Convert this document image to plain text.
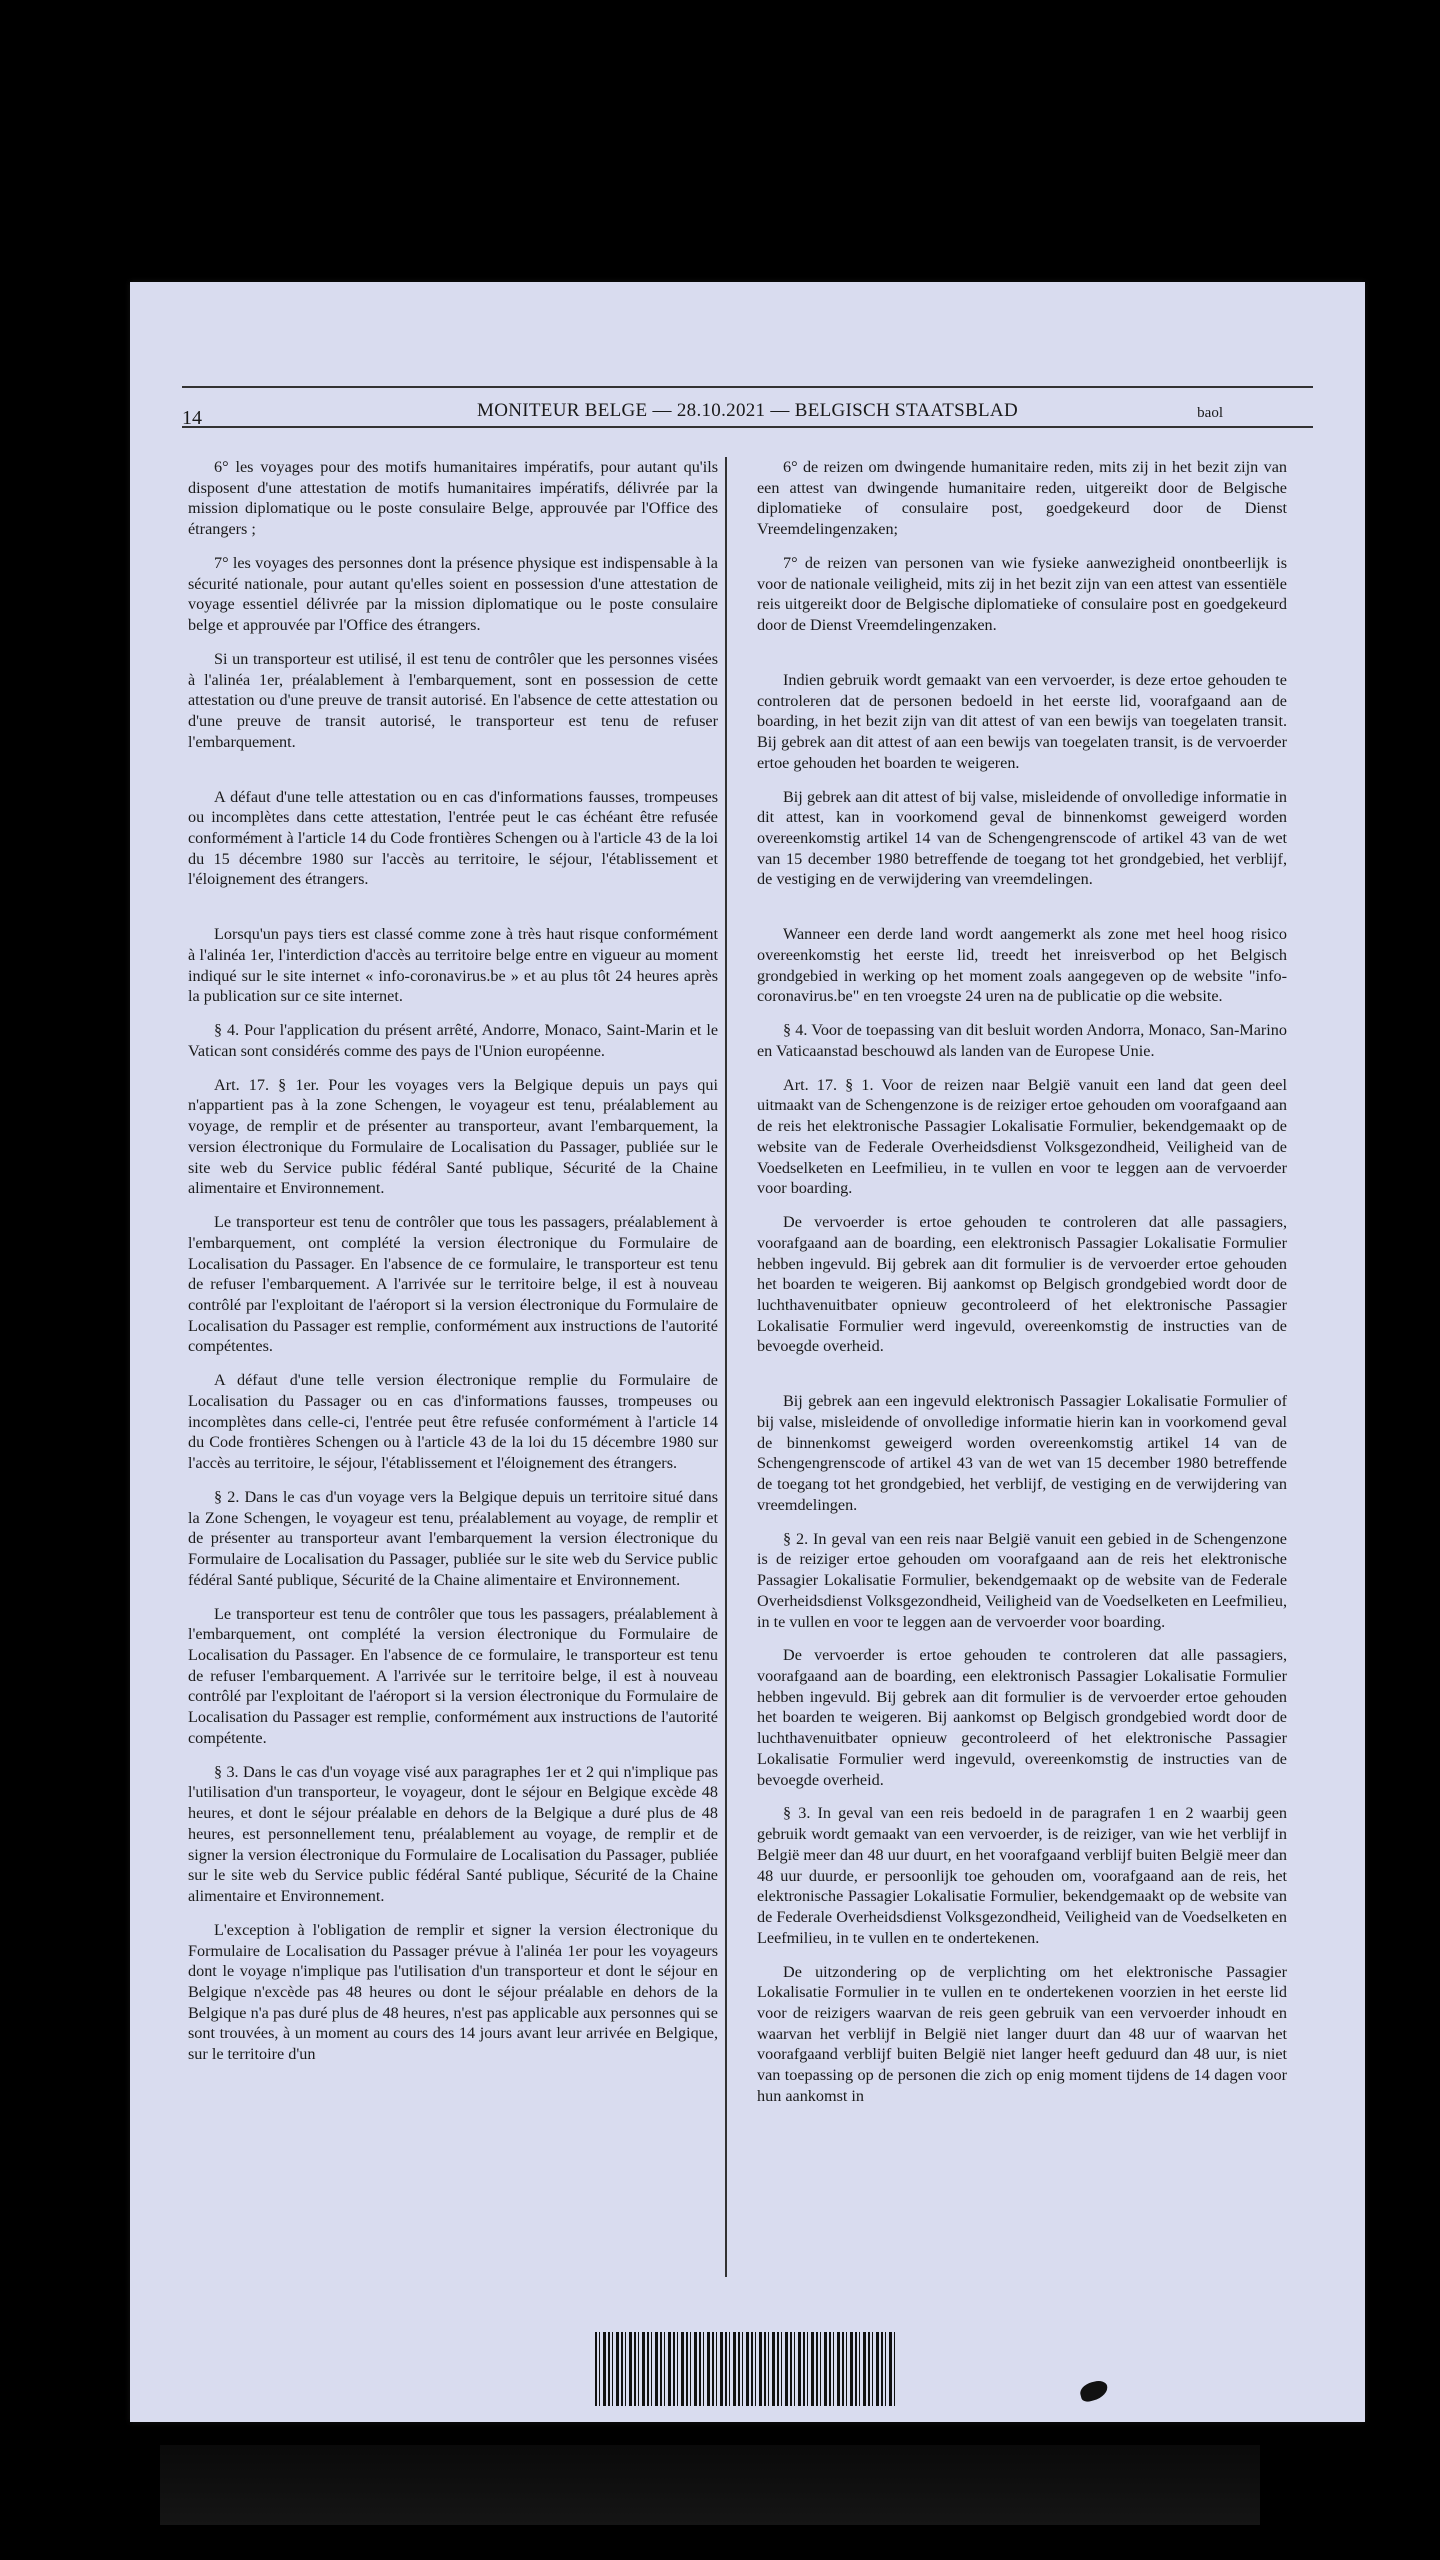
14	MONITEUR BELGE — 28.10.2021 — BELGISCH STAATSBLAD	baol

6° les voyages pour des motifs humanitaires impératifs, pour autant qu'ils disposent d'une attestation de motifs humanitaires impératifs, délivrée par la mission diplomatique ou le poste consulaire Belge, approuvée par l'Office des étrangers ;

7° les voyages des personnes dont la présence physique est indispensable à la sécurité nationale, pour autant qu'elles soient en possession d'une attestation de voyage essentiel délivrée par la mission diplomatique ou le poste consulaire belge et approuvée par l'Office des étrangers.

Si un transporteur est utilisé, il est tenu de contrôler que les personnes visées à l'alinéa 1er, préalablement à l'embarquement, sont en possession de cette attestation ou d'une preuve de transit autorisé. En l'absence de cette attestation ou d'une preuve de transit autorisé, le transporteur est tenu de refuser l'embarquement.

A défaut d'une telle attestation ou en cas d'informations fausses, trompeuses ou incomplètes dans cette attestation, l'entrée peut le cas échéant être refusée conformément à l'article 14 du Code frontières Schengen ou à l'article 43 de la loi du 15 décembre 1980 sur l'accès au territoire, le séjour, l'établissement et l'éloignement des étrangers.

Lorsqu'un pays tiers est classé comme zone à très haut risque conformément à l'alinéa 1er, l'interdiction d'accès au territoire belge entre en vigueur au moment indiqué sur le site internet « info-coronavirus.be » et au plus tôt 24 heures après la publication sur ce site internet.

§ 4. Pour l'application du présent arrêté, Andorre, Monaco, Saint-Marin et le Vatican sont considérés comme des pays de l'Union européenne.

Art. 17. § 1er. Pour les voyages vers la Belgique depuis un pays qui n'appartient pas à la zone Schengen, le voyageur est tenu, préalablement au voyage, de remplir et de présenter au transporteur, avant l'embarquement, la version électronique du Formulaire de Localisation du Passager, publiée sur le site web du Service public fédéral Santé publique, Sécurité de la Chaine alimentaire et Environnement.

Le transporteur est tenu de contrôler que tous les passagers, préalablement à l'embarquement, ont complété la version électronique du Formulaire de Localisation du Passager. En l'absence de ce formulaire, le transporteur est tenu de refuser l'embarquement. A l'arrivée sur le territoire belge, il est à nouveau contrôlé par l'exploitant de l'aéroport si la version électronique du Formulaire de Localisation du Passager est remplie, conformément aux instructions de l'autorité compétentes.

A défaut d'une telle version électronique remplie du Formulaire de Localisation du Passager ou en cas d'informations fausses, trompeuses ou incomplètes dans celle-ci, l'entrée peut être refusée conformément à l'article 14 du Code frontières Schengen ou à l'article 43 de la loi du 15 décembre 1980 sur l'accès au territoire, le séjour, l'établissement et l'éloignement des étrangers.

§ 2. Dans le cas d'un voyage vers la Belgique depuis un territoire situé dans la Zone Schengen, le voyageur est tenu, préalablement au voyage, de remplir et de présenter au transporteur avant l'embarquement la version électronique du Formulaire de Localisation du Passager, publiée sur le site web du Service public fédéral Santé publique, Sécurité de la Chaine alimentaire et Environnement.

Le transporteur est tenu de contrôler que tous les passagers, préalablement à l'embarquement, ont complété la version électronique du Formulaire de Localisation du Passager. En l'absence de ce formulaire, le transporteur est tenu de refuser l'embarquement. A l'arrivée sur le territoire belge, il est à nouveau contrôlé par l'exploitant de l'aéroport si la version électronique du Formulaire de Localisation du Passager est remplie, conformément aux instructions de l'autorité compétente.

§ 3. Dans le cas d'un voyage visé aux paragraphes 1er et 2 qui n'implique pas l'utilisation d'un transporteur, le voyageur, dont le séjour en Belgique excède 48 heures, et dont le séjour préalable en dehors de la Belgique a duré plus de 48 heures, est personnellement tenu, préalablement au voyage, de remplir et de signer la version électronique du Formulaire de Localisation du Passager, publiée sur le site web du Service public fédéral Santé publique, Sécurité de la Chaine alimentaire et Environnement.

L'exception à l'obligation de remplir et signer la version électronique du Formulaire de Localisation du Passager prévue à l'alinéa 1er pour les voyageurs dont le voyage n'implique pas l'utilisation d'un transporteur et dont le séjour en Belgique n'excède pas 48 heures ou dont le séjour préalable en dehors de la Belgique n'a pas duré plus de 48 heures, n'est pas applicable aux personnes qui se sont trouvées, à un moment au cours des 14 jours avant leur arrivée en Belgique, sur le territoire d'un

6° de reizen om dwingende humanitaire reden, mits zij in het bezit zijn van een attest van dwingende humanitaire reden, uitgereikt door de Belgische diplomatieke of consulaire post, goedgekeurd door de Dienst Vreemdelingenzaken;

7° de reizen van personen van wie fysieke aanwezigheid onontbeerlijk is voor de nationale veiligheid, mits zij in het bezit zijn van een attest van essentiële reis uitgereikt door de Belgische diplomatieke of consulaire post en goedgekeurd door de Dienst Vreemdelingenzaken.

Indien gebruik wordt gemaakt van een vervoerder, is deze ertoe gehouden te controleren dat de personen bedoeld in het eerste lid, voorafgaand aan de boarding, in het bezit zijn van dit attest of van een bewijs van toegelaten transit. Bij gebrek aan dit attest of aan een bewijs van toegelaten transit, is de vervoerder ertoe gehouden het boarden te weigeren.

Bij gebrek aan dit attest of bij valse, misleidende of onvolledige informatie in dit attest, kan in voorkomend geval de binnenkomst geweigerd worden overeenkomstig artikel 14 van de Schengengrenscode of artikel 43 van de wet van 15 december 1980 betreffende de toegang tot het grondgebied, het verblijf, de vestiging en de verwijdering van vreemdelingen.

Wanneer een derde land wordt aangemerkt als zone met heel hoog risico overeenkomstig het eerste lid, treedt het inreisverbod op het Belgisch grondgebied in werking op het moment zoals aangegeven op de website "info-coronavirus.be" en ten vroegste 24 uren na de publicatie op die website.

§ 4. Voor de toepassing van dit besluit worden Andorra, Monaco, San-Marino en Vaticaanstad beschouwd als landen van de Europese Unie.

Art. 17. § 1. Voor de reizen naar België vanuit een land dat geen deel uitmaakt van de Schengenzone is de reiziger ertoe gehouden om voorafgaand aan de reis het elektronische Passagier Lokalisatie Formulier, bekendgemaakt op de website van de Federale Overheidsdienst Volksgezondheid, Veiligheid van de Voedselketen en Leefmilieu, in te vullen en voor te leggen aan de vervoerder voor boarding.

De vervoerder is ertoe gehouden te controleren dat alle passagiers, voorafgaand aan de boarding, een elektronisch Passagier Lokalisatie Formulier hebben ingevuld. Bij gebrek aan dit formulier is de vervoerder ertoe gehouden het boarden te weigeren. Bij aankomst op Belgisch grondgebied wordt door de luchthavenuitbater opnieuw gecontroleerd of het elektronische Passagier Lokalisatie Formulier werd ingevuld, overeenkomstig de instructies van de bevoegde overheid.

Bij gebrek aan een ingevuld elektronisch Passagier Lokalisatie Formulier of bij valse, misleidende of onvolledige informatie hierin kan in voorkomend geval de binnenkomst geweigerd worden overeenkomstig artikel 14 van de Schengengrenscode of artikel 43 van de wet van 15 december 1980 betreffende de toegang tot het grondgebied, het verblijf, de vestiging en de verwijdering van vreemdelingen.

§ 2. In geval van een reis naar België vanuit een gebied in de Schengenzone is de reiziger ertoe gehouden om voorafgaand aan de reis het elektronische Passagier Lokalisatie Formulier, bekendgemaakt op de website van de Federale Overheidsdienst Volksgezondheid, Veiligheid van de Voedselketen en Leefmilieu, in te vullen en voor te leggen aan de vervoerder voor boarding.

De vervoerder is ertoe gehouden te controleren dat alle passagiers, voorafgaand aan de boarding, een elektronisch Passagier Lokalisatie Formulier hebben ingevuld. Bij gebrek aan dit formulier is de vervoerder ertoe gehouden het boarden te weigeren. Bij aankomst op Belgisch grondgebied wordt door de luchthavenuitbater opnieuw gecontroleerd of het elektronische Passagier Lokalisatie Formulier werd ingevuld, overeenkomstig de instructies van de bevoegde overheid.

§ 3. In geval van een reis bedoeld in de paragrafen 1 en 2 waarbij geen gebruik wordt gemaakt van een vervoerder, is de reiziger, van wie het verblijf in België meer dan 48 uur duurt, en het voorafgaand verblijf buiten België meer dan 48 uur duurde, er persoonlijk toe gehouden om, voorafgaand aan de reis, het elektronische Passagier Lokalisatie Formulier, bekendgemaakt op de website van de Federale Overheidsdienst Volksgezondheid, Veiligheid van de Voedselketen en Leefmilieu, in te vullen en te ondertekenen.

De uitzondering op de verplichting om het elektronische Passagier Lokalisatie Formulier in te vullen en te ondertekenen voorzien in het eerste lid voor de reizigers waarvan de reis geen gebruik van een vervoerder inhoudt en waarvan het verblijf in België niet langer duurt dan 48 uur of waarvan het voorafgaand verblijf buiten België niet langer heeft geduurd dan 48 uur, is niet van toepassing op de personen die zich op enig moment tijdens de 14 dagen voor hun aankomst in
